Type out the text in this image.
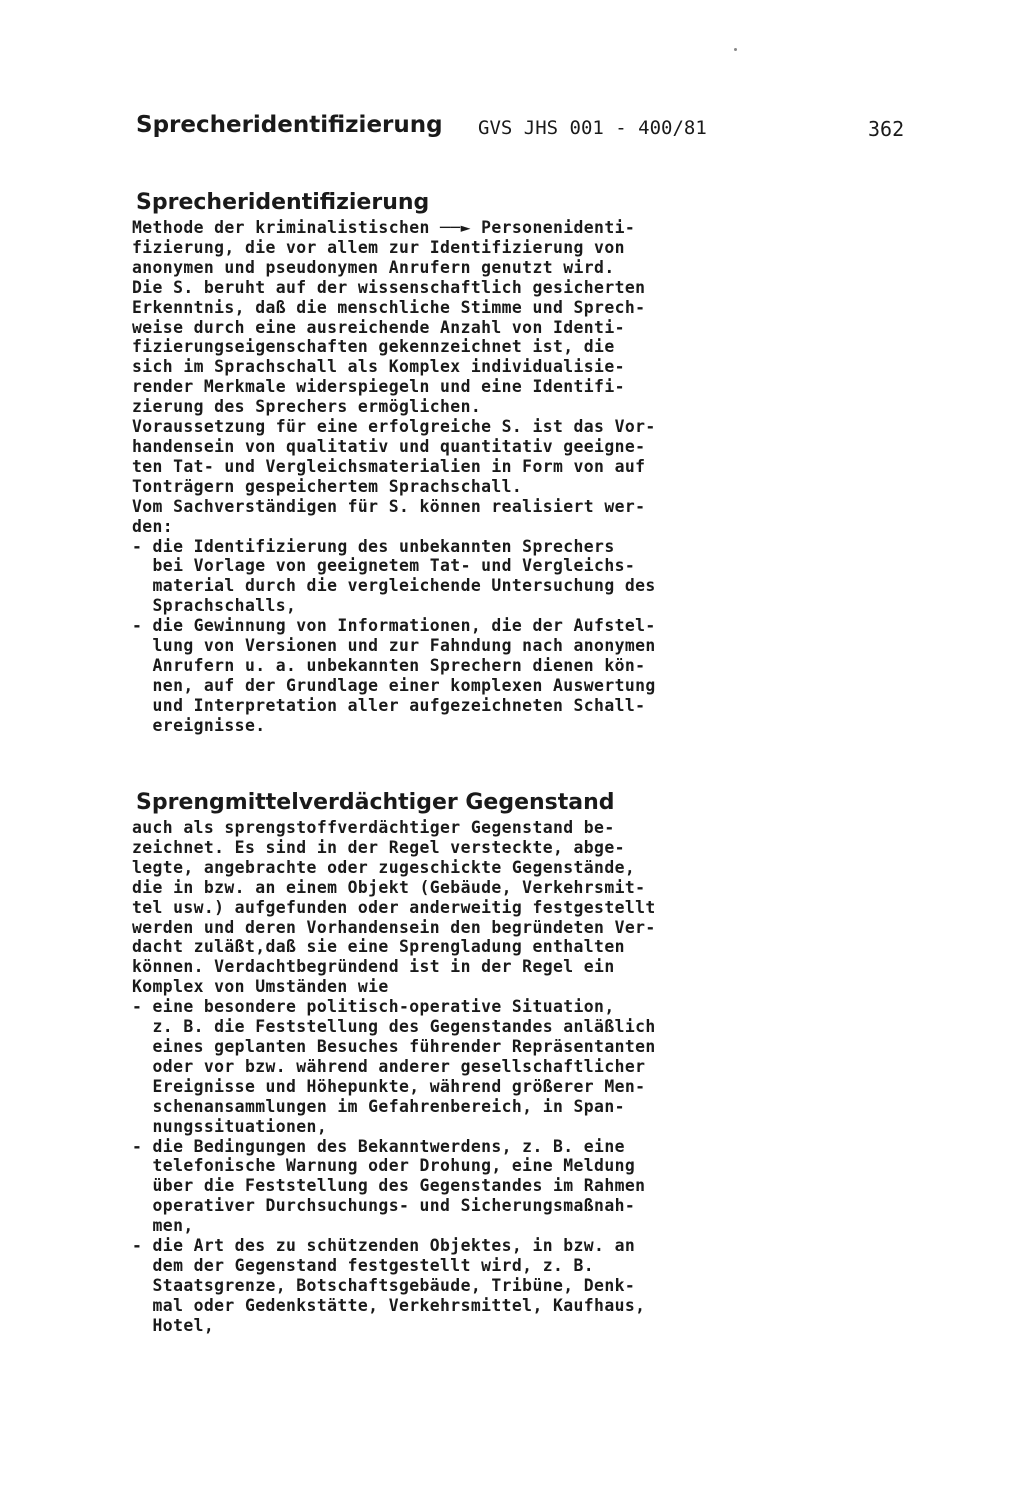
Sprecheridentifizierung GVS JHS 001 - 400/81	362
Sprecheridentifizierung
Methode der kriminalistischen ──► Personenidenti-
fizierung, die vor allem zur Identifizierung von
anonymen und pseudonymen Anrufern genutzt wird.
Die S. beruht auf der wissenschaftlich gesicherten
Erkenntnis, daß die menschliche Stimme und Sprech-
weise durch eine ausreichende Anzahl von Identi-
fizierungseigenschaften gekennzeichnet ist, die
sich im Sprachschall als Komplex individualisie-
render Merkmale widerspiegeln und eine Identifi-
zierung des Sprechers ermöglichen.
Voraussetzung für eine erfolgreiche S. ist das Vor-
handensein von qualitativ und quantitativ geeigne-
ten Tat- und Vergleichsmaterialien in Form von auf
Tonträgern gespeichertem Sprachschall.
Vom Sachverständigen für S. können realisiert wer-
den:
- die Identifizierung des unbekannten Sprechers
bei Vorlage von geeignetem Tat- und Vergleichs-
material durch die vergleichende Untersuchung des
Sprachschalls,
- die Gewinnung von Informationen, die der Aufstel-
lung von Versionen und zur Fahndung nach anonymen
Anrufern u. a. unbekannten Sprechern dienen kön-
nen, auf der Grundlage einer komplexen Auswertung
und Interpretation aller aufgezeichneten Schall-
ereignisse.
Sprengmittelverdächtiger Gegenstand
auch als sprengstoffverdächtiger Gegenstand be-
zeichnet. Es sind in der Regel versteckte, abge-
legte, angebrachte oder zugeschickte Gegenstände,
die in bzw. an einem Objekt (Gebäude, Verkehrsmit-
tel usw.) aufgefunden oder anderweitig festgestellt
werden und deren Vorhandensein den begründeten Ver-
dacht zuläßt,daß sie eine Sprengladung enthalten
können. Verdachtbegründend ist in der Regel ein
Komplex von Umständen wie
- eine besondere politisch-operative Situation,
z. B. die Feststellung des Gegenstandes anläßlich
eines geplanten Besuches führender Repräsentanten
oder vor bzw. während anderer gesellschaftlicher
Ereignisse und Höhepunkte, während größerer Men-
schenansammlungen im Gefahrenbereich, in Span-
nungssituationen,
- die Bedingungen des Bekanntwerdens, z. B. eine
telefonische Warnung oder Drohung, eine Meldung
über die Feststellung des Gegenstandes im Rahmen
operativer Durchsuchungs- und Sicherungsmaßnah-
men,
- die Art des zu schützenden Objektes, in bzw. an
dem der Gegenstand festgestellt wird, z. B.
Staatsgrenze, Botschaftsgebäude, Tribüne, Denk-
mal oder Gedenkstätte, Verkehrsmittel, Kaufhaus,
Hotel,
